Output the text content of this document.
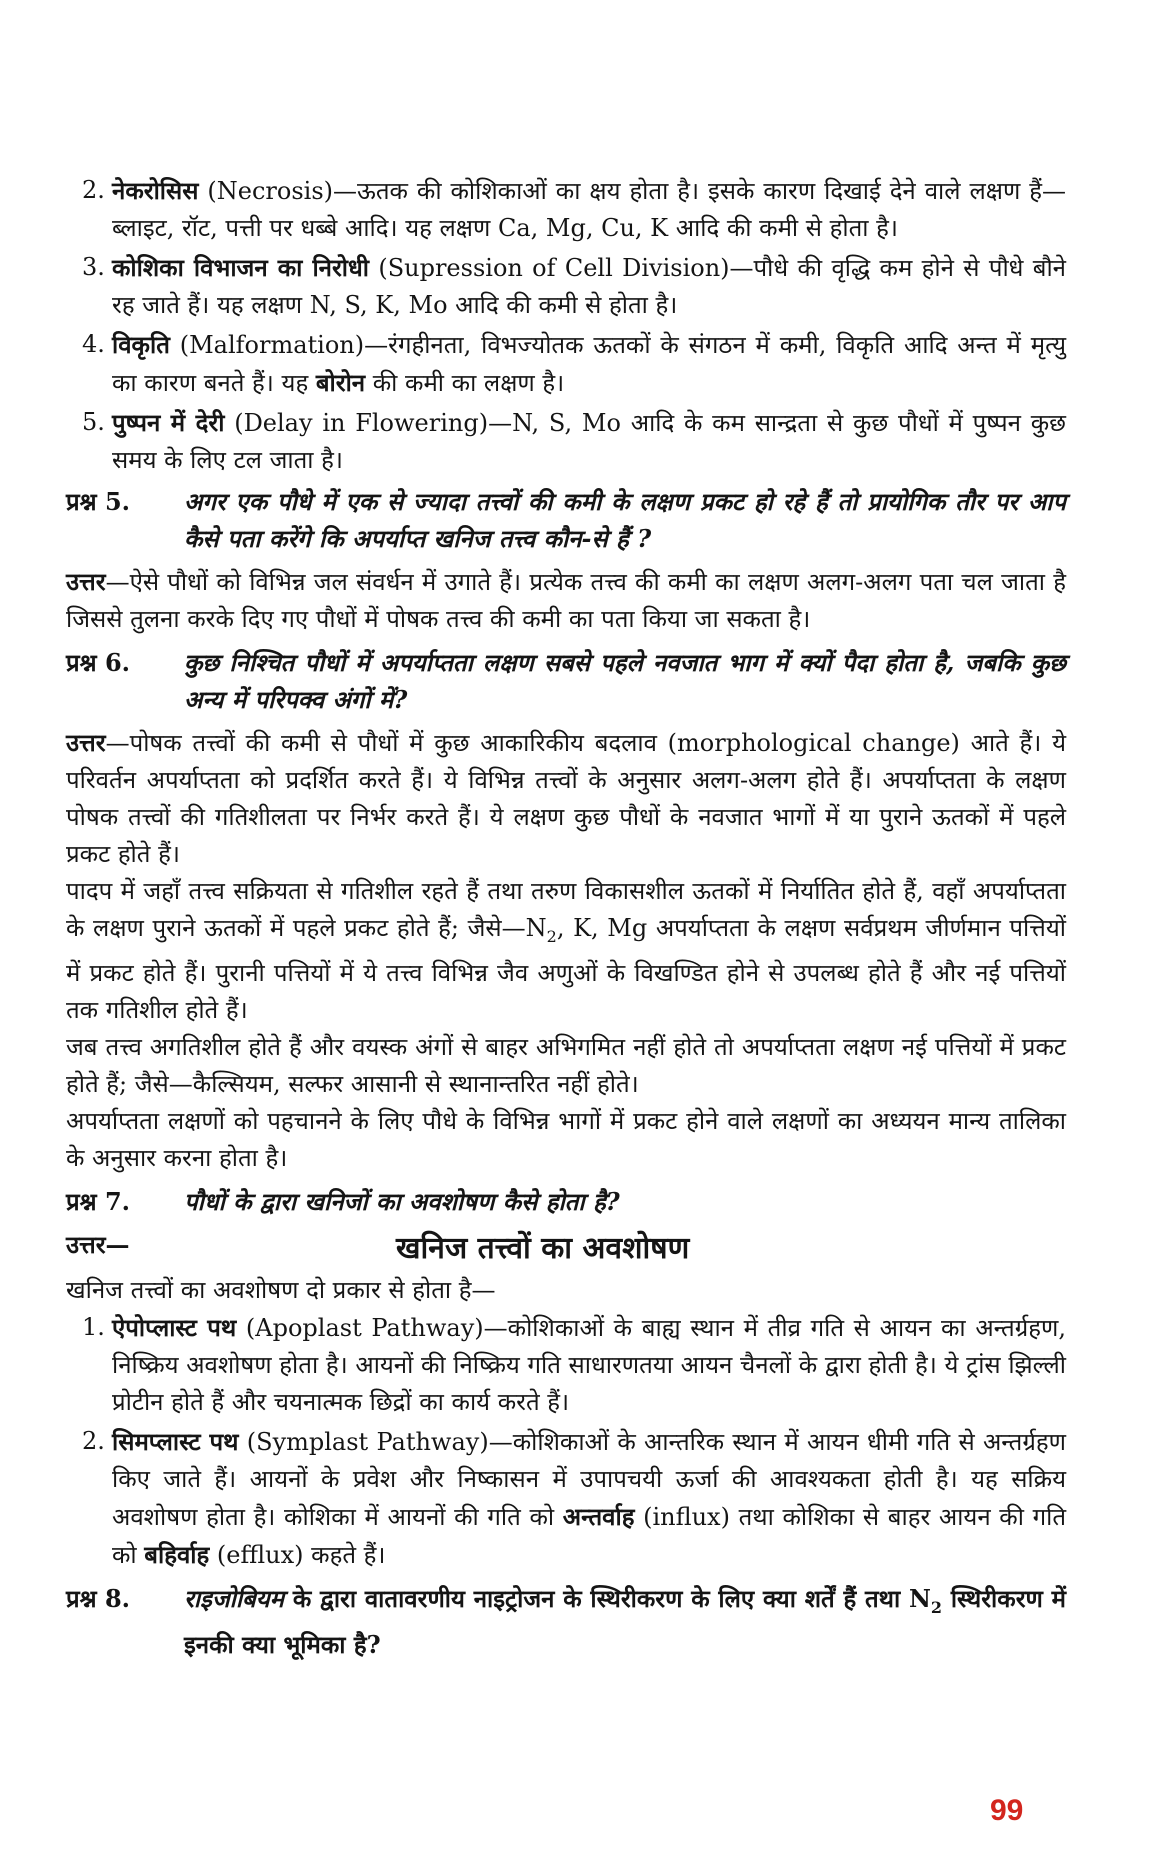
2. नेकरोसिस (Necrosis)—ऊतक की कोशिकाओं का क्षय होता है। इसके कारण दिखाई देने वाले लक्षण हैं—ब्लाइट, रॉट, पत्ती पर धब्बे आदि। यह लक्षण Ca, Mg, Cu, K आदि की कमी से होता है।

3. कोशिका विभाजन का निरोधी (Supression of Cell Division)—पौधे की वृद्धि कम होने से पौधे बौने रह जाते हैं। यह लक्षण N, S, K, Mo आदि की कमी से होता है।

4. विकृति (Malformation)—रंगहीनता, विभज्योतक ऊतकों के संगठन में कमी, विकृति आदि अन्त में मृत्यु का कारण बनते हैं। यह बोरोन की कमी का लक्षण है।

5. पुष्पन में देरी (Delay in Flowering)—N, S, Mo आदि के कम सान्द्रता से कुछ पौधों में पुष्पन कुछ समय के लिए टल जाता है।

प्रश्न 5. अगर एक पौधे में एक से ज्यादा तत्त्वों की कमी के लक्षण प्रकट हो रहे हैं तो प्रायोगिक तौर पर आप कैसे पता करेंगे कि अपर्याप्त खनिज तत्त्व कौन-से हैं ?

उत्तर—ऐसे पौधों को विभिन्न जल संवर्धन में उगाते हैं। प्रत्येक तत्त्व की कमी का लक्षण अलग-अलग पता चल जाता है जिससे तुलना करके दिए गए पौधों में पोषक तत्त्व की कमी का पता किया जा सकता है।

प्रश्न 6. कुछ निश्चित पौधों में अपर्याप्तता लक्षण सबसे पहले नवजात भाग में क्यों पैदा होता है, जबकि कुछ अन्य में परिपक्व अंगों में?

उत्तर—पोषक तत्त्वों की कमी से पौधों में कुछ आकारिकीय बदलाव (morphological change) आते हैं। ये परिवर्तन अपर्याप्तता को प्रदर्शित करते हैं। ये विभिन्न तत्त्वों के अनुसार अलग-अलग होते हैं। अपर्याप्तता के लक्षण पोषक तत्त्वों की गतिशीलता पर निर्भर करते हैं। ये लक्षण कुछ पौधों के नवजात भागों में या पुराने ऊतकों में पहले प्रकट होते हैं।

पादप में जहाँ तत्त्व सक्रियता से गतिशील रहते हैं तथा तरुण विकासशील ऊतकों में निर्यातित होते हैं, वहाँ अपर्याप्तता के लक्षण पुराने ऊतकों में पहले प्रकट होते हैं; $जैसे—N_2$, K, Mg अपर्याप्तता के लक्षण सर्वप्रथम जीर्णमान पत्तियों में प्रकट होते हैं। पुरानी पत्तियों में ये तत्त्व विभिन्न जैव अणुओं के विखण्डित होने से उपलब्ध होते हैं और नई पत्तियों तक गतिशील होते हैं।

जब तत्त्व अगतिशील होते हैं और वयस्क अंगों से बाहर अभिगमित नहीं होते तो अपर्याप्तता लक्षण नई पत्तियों में प्रकट होते हैं; जैसे—कैल्सियम, सल्फर आसानी से स्थानान्तरित नहीं होते।

अपर्याप्तता लक्षणों को पहचानने के लिए पौधे के विभिन्न भागों में प्रकट होने वाले लक्षणों का अध्ययन मान्य तालिका के अनुसार करना होता है।

प्रश्न 7. पौधों के द्वारा खनिजों का अवशोषण कैसे होता है?

उत्तर—	खनिज तत्त्वों का अवशोषण

खनिज तत्त्वों का अवशोषण दो प्रकार से होता है—

1. ऐपोप्लास्ट पथ (Apoplast Pathway)—कोशिकाओं के बाह्य स्थान में तीव्र गति से आयन का अन्तर्ग्रहण, निष्क्रिय अवशोषण होता है। आयनों की निष्क्रिय गति साधारणतया आयन चैनलों के द्वारा होती है। ये ट्रांस झिल्ली प्रोटीन होते हैं और चयनात्मक छिद्रों का कार्य करते हैं।

2. सिमप्लास्ट पथ (Symplast Pathway)—कोशिकाओं के आन्तरिक स्थान में आयन धीमी गति से अन्तर्ग्रहण किए जाते हैं। आयनों के प्रवेश और निष्कासन में उपापचयी ऊर्जा की आवश्यकता होती है। यह सक्रिय अवशोषण होता है। कोशिका में आयनों की गति को अन्तर्वाह (influx) तथा कोशिका से बाहर आयन की गति को बहिर्वाह (efflux) कहते हैं।

प्रश्न 8. राइजोबियम के द्वारा वातावरणीय नाइट्रोजन के स्थिरीकरण के लिए क्या शर्तें हैं तथा $N_2$ स्थिरीकरण में इनकी क्या भूमिका है?

99
